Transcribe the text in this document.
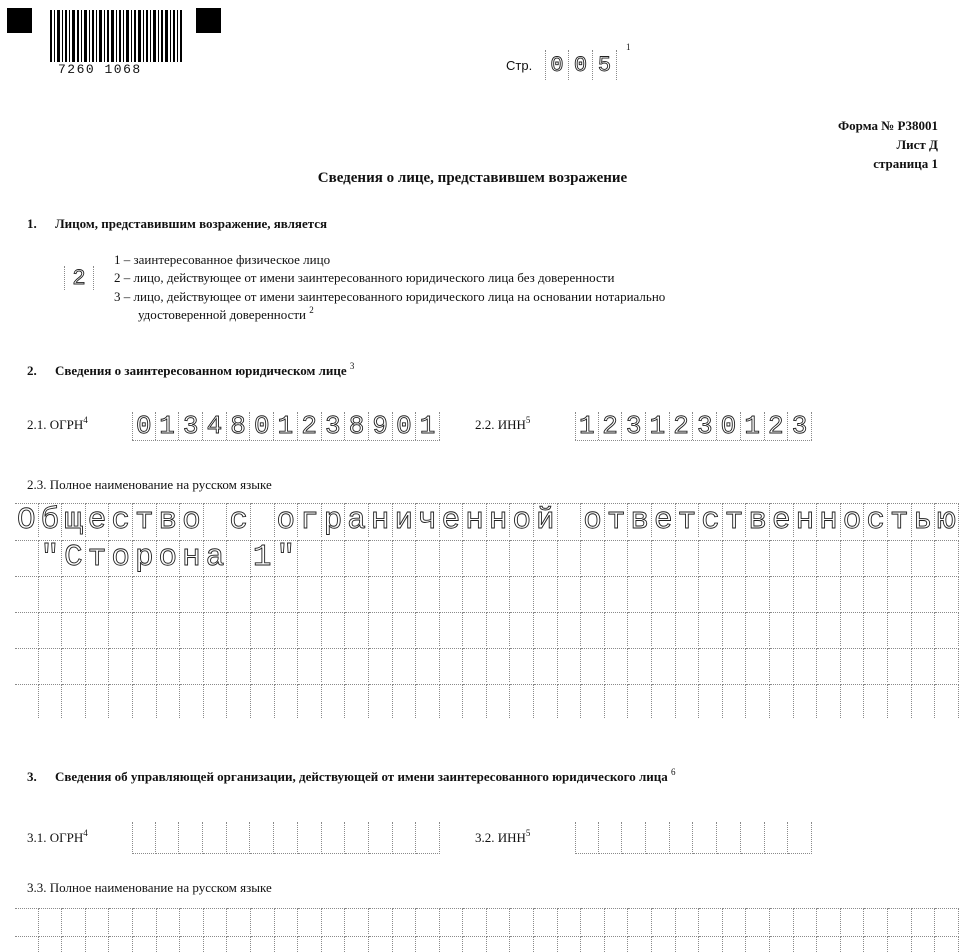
7260 1068	Стр. 0 0 5
1
Форма № Р38001
Лист Д
страница 1
Сведения о лице, представившем возражение
1. Лицом, представившим возражение, является
2
1 – заинтересованное физическое лицо
2 – лицо, действующее от имени заинтересованного юридического лица без доверенности
3 – лицо, действующее от имени заинтересованного юридического лица на основании нотариально
удостоверенной доверенности $^2$
2. Сведения о заинтересованном юридическом лице $^3$
2.1. ОГРН$^4$ 0 1 3 4 8 0 1 2 3 8 9 0 1	2.2. ИНН$^5$ 1 2 3 1 2 3 0 1 2 3
2.3. Полное наименование на русском языке
О б щ е с т в о с о г р а н и ч е н н о й о т в е т с т в е н н о с т ь ю
" С т о р о н а 1 "
3. Сведения об управляющей организации, действующей от имени заинтересованного юридического лица $^6$
3.1. ОГРН$^4$	3.2. ИНН$^5$
3.3. Полное наименование на русском языке
